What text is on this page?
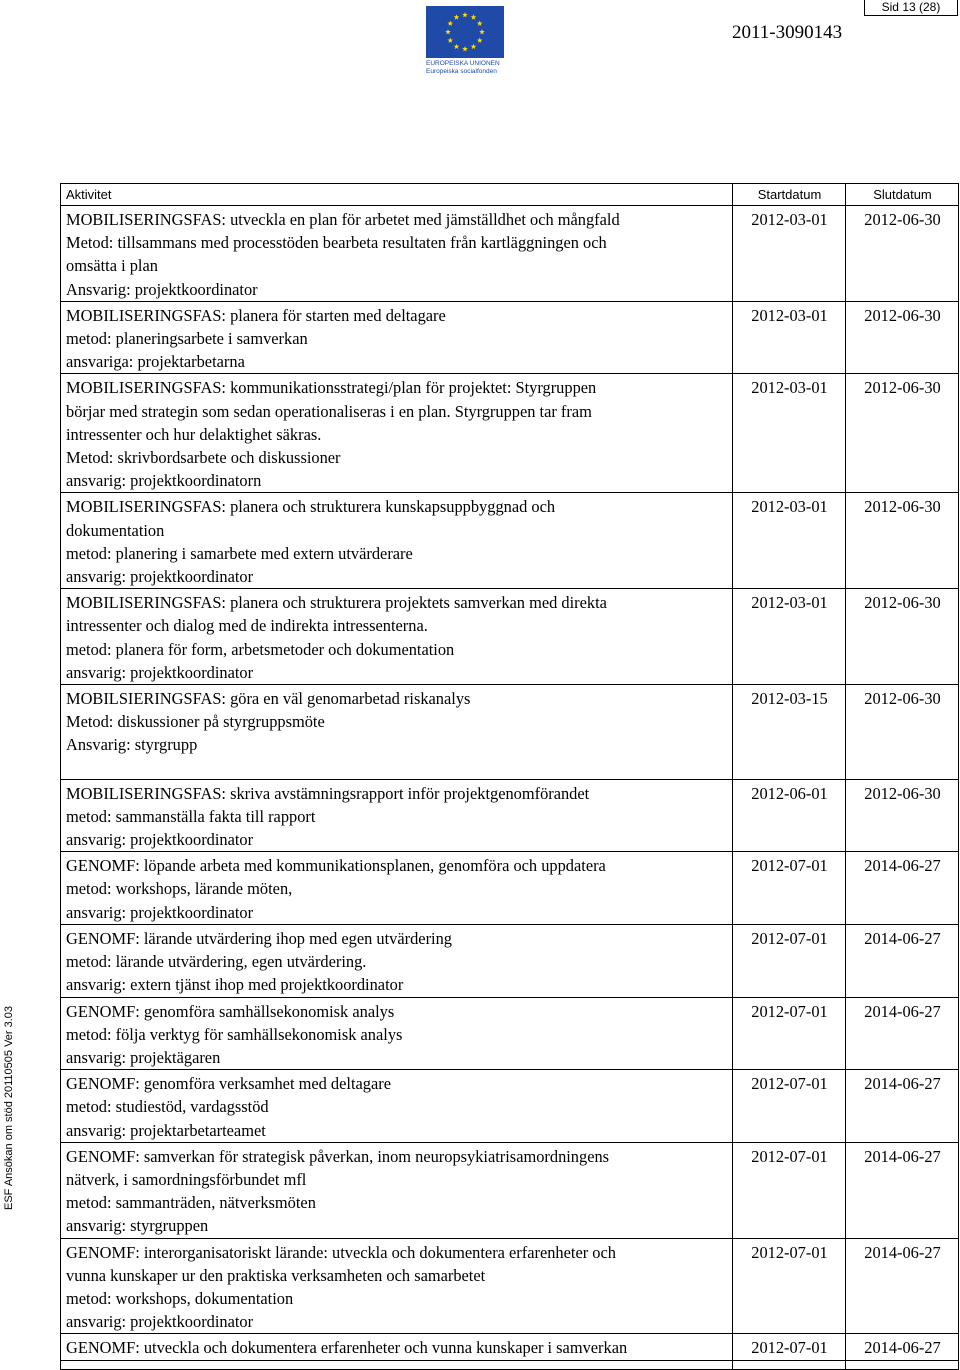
Sid 13 (28)
EUROPEISKA UNIONEN
Europeiska socialfonden
2011-3090143
ESF Ansökan om stöd 20110505 Ver 3.03
Aktivitet	Startdatum	Slutdatum

MOBILISERINGSFAS: utveckla en plan för arbetet med jämställdhet och mångfald
Metod: tillsammans med processtöden bearbeta resultaten från kartläggningen och
omsätta i plan
Ansvarig: projektkoordinator	2012-03-01	2012-06-30

MOBILISERINGSFAS: planera för starten med deltagare
metod: planeringsarbete i samverkan
ansvariga: projektarbetarna	2012-03-01	2012-06-30

MOBILISERINGSFAS: kommunikationsstrategi/plan för projektet: Styrgruppen
börjar med strategin som sedan operationaliseras i en plan. Styrgruppen tar fram
intressenter och hur delaktighet säkras.
Metod: skrivbordsarbete och diskussioner
ansvarig: projektkoordinatorn	2012-03-01	2012-06-30

MOBILISERINGSFAS: planera och strukturera kunskapsuppbyggnad och
dokumentation
metod: planering i samarbete med extern utvärderare
ansvarig: projektkoordinator	2012-03-01	2012-06-30

MOBILISERINGSFAS: planera och strukturera projektets samverkan med direkta
intressenter och dialog med de indirekta intressenterna.
metod: planera för form, arbetsmetoder och dokumentation
ansvarig: projektkoordinator	2012-03-01	2012-06-30

MOBILSIERINGSFAS: göra en väl genomarbetad riskanalys
Metod: diskussioner på styrgruppsmöte
Ansvarig: styrgrupp	2012-03-15	2012-06-30

MOBILISERINGSFAS: skriva avstämningsrapport inför projektgenomförandet
metod: sammanställa fakta till rapport
ansvarig: projektkoordinator	2012-06-01	2012-06-30

GENOMF: löpande arbeta med kommunikationsplanen, genomföra och uppdatera
metod: workshops, lärande möten,
ansvarig: projektkoordinator	2012-07-01	2014-06-27

GENOMF: lärande utvärdering ihop med egen utvärdering
metod: lärande utvärdering, egen utvärdering.
ansvarig: extern tjänst ihop med projektkoordinator	2012-07-01	2014-06-27

GENOMF: genomföra samhällsekonomisk analys
metod: följa verktyg för samhällsekonomisk analys
ansvarig: projektägaren	2012-07-01	2014-06-27

GENOMF: genomföra verksamhet med deltagare
metod: studiestöd, vardagsstöd
ansvarig: projektarbetarteamet	2012-07-01	2014-06-27

GENOMF: samverkan för strategisk påverkan, inom neuropsykiatrisamordningens
nätverk, i samordningsförbundet mfl
metod: sammanträden, nätverksmöten
ansvarig: styrgruppen	2012-07-01	2014-06-27

GENOMF: interorganisatoriskt lärande: utveckla och dokumentera erfarenheter och
vunna kunskaper ur den praktiska verksamheten och samarbetet
metod: workshops, dokumentation
ansvarig: projektkoordinator	2012-07-01	2014-06-27

GENOMF: utveckla och dokumentera erfarenheter och vunna kunskaper i samverkan	2012-07-01	2014-06-27
